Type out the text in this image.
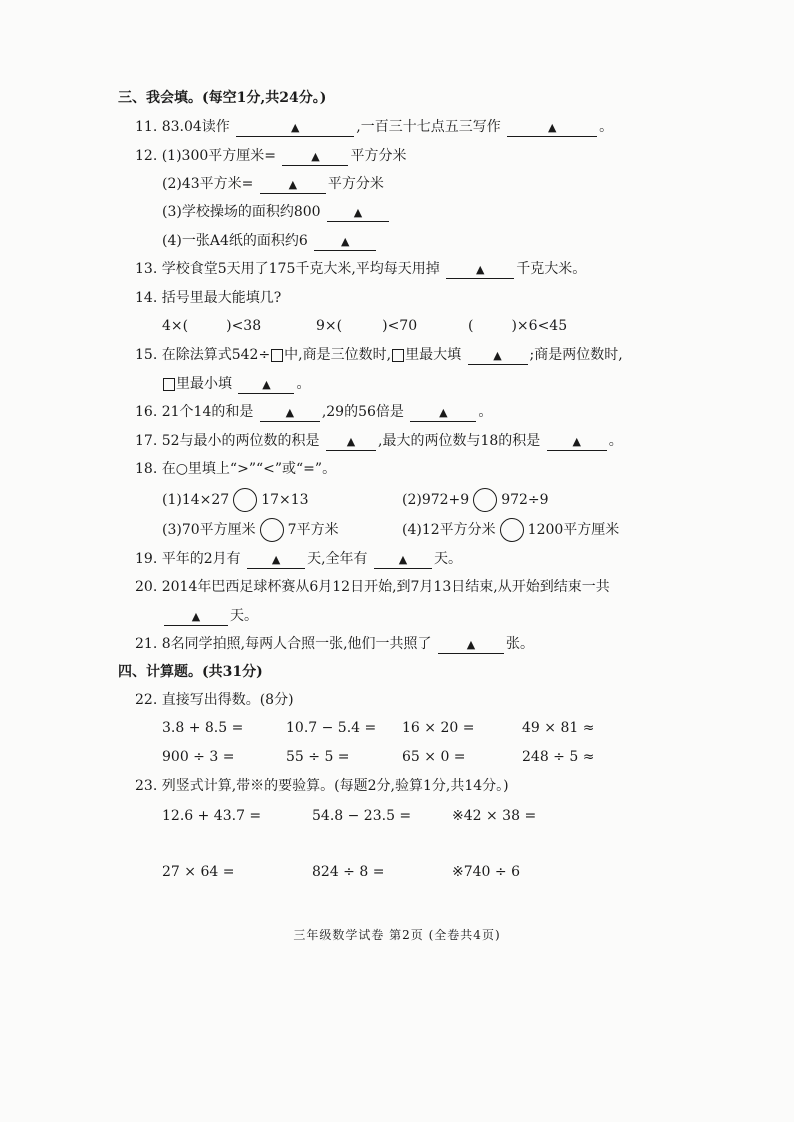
三、我会填。(每空1分,共24分。)
11. 83.04读作	▲	,一百三十七点五三写作	▲	。
12. (1)300平方厘米=	▲ 平方分米
(2)43平方米=	▲ 平方分米
(3)学校操场的面积约800	▲
(4)一张A4纸的面积约6	▲
13. 学校食堂5天用了175千克大米,平均每天用掉	▲ 千克大米。
14. 括号里最大能填几?
4×(	)<38	9×(	)<70	(	)×6<45
15. 在除法算式542÷ 中,商是三位数时, 里最大填	▲ ;商是两位数时,
里最小填	▲ 。
16. 21个14的和是	▲ ,29的56倍是	▲ 。
17. 52与最小的两位数的积是 ▲ ,最大的两位数与18的积是	▲ 。
18. 在○里填上“>”“<”或“=”。
(1)14×27 17×13	(2)972+9 972÷9
(3)70平方厘米 7平方米	(4)12平方分米 1200平方厘米
19. 平年的2月有	▲ 天,全年有	▲ 天。
20. 2014年巴西足球杯赛从6月12日开始,到7月13日结束,从开始到结束一共
▲ 天。
21. 8名同学拍照,每两人合照一张,他们一共照了	▲ 张。
四、计算题。(共31分)
22. 直接写出得数。(8分)
3.8 + 8.5 =	10.7 − 5.4 = 16 × 20 =	49 × 81 ≈
900 ÷ 3 =	55 ÷ 5 =	65 × 0 =	248 ÷ 5 ≈
23. 列竖式计算,带※的要验算。(每题2分,验算1分,共14分。)
12.6 + 43.7 =	54.8 − 23.5 =	※42 × 38 =
27 × 64 =	824 ÷ 8 =	※740 ÷ 6
三年级数学试卷 第2页 (全卷共4页)
